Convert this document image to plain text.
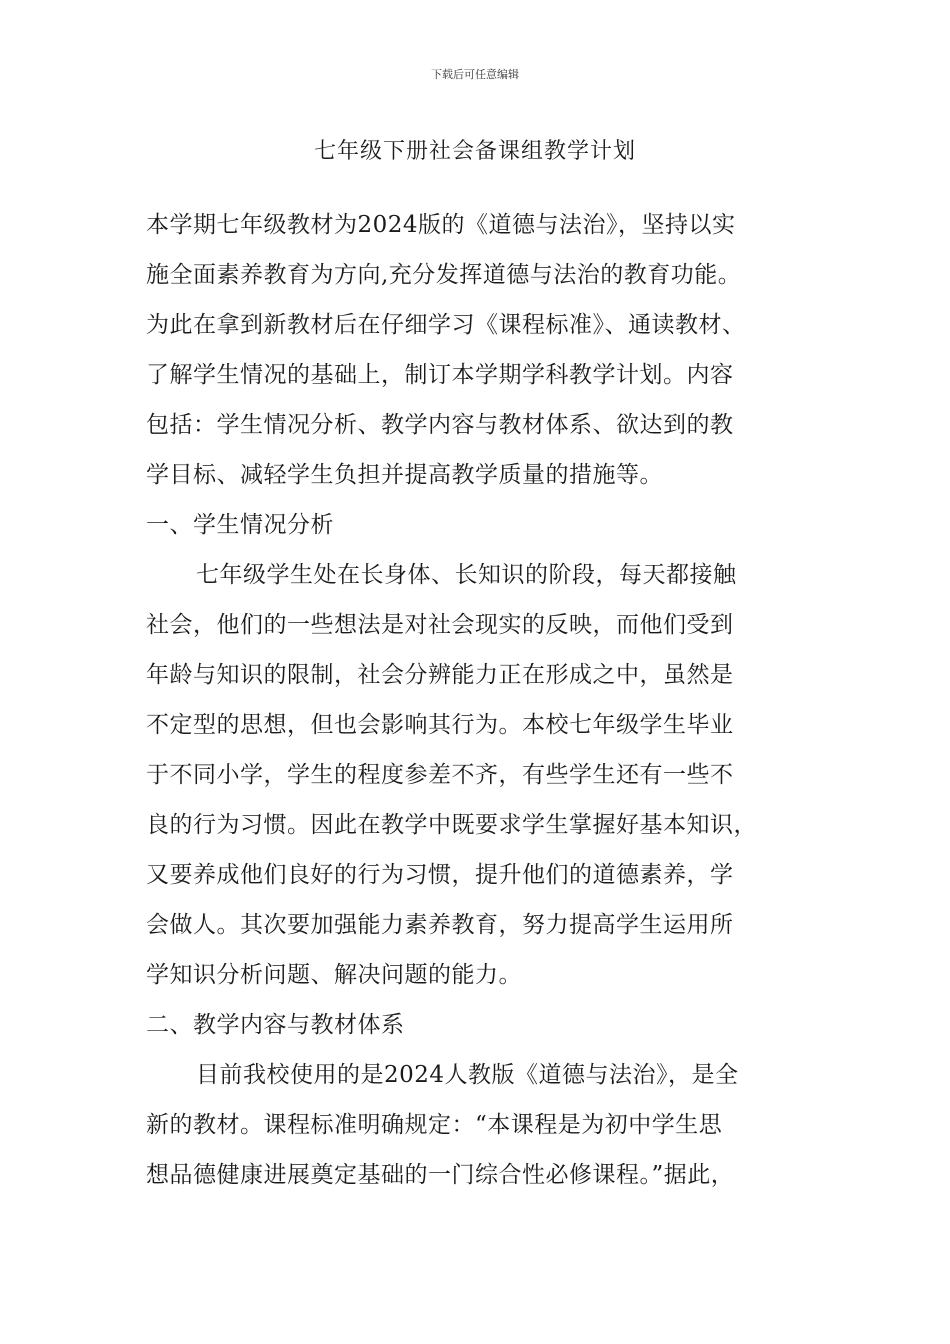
下载后可任意编辑
七年级下册社会备课组教学计划
本学期七年级教材为2024版的《道德与法治》，坚持以实
施全面素养教育为方向,充分发挥道德与法治的教育功能。
为此在拿到新教材后在仔细学习《课程标准》、通读教材、
了解学生情况的基础上，制订本学期学科教学计划。内容
包括：学生情况分析、教学内容与教材体系、欲达到的教
学目标、减轻学生负担并提高教学质量的措施等。
一、学生情况分析
七年级学生处在长身体、长知识的阶段，每天都接触
社会，他们的一些想法是对社会现实的反映，而他们受到
年龄与知识的限制，社会分辨能力正在形成之中，虽然是
不定型的思想，但也会影响其行为。本校七年级学生毕业
于不同小学，学生的程度参差不齐，有些学生还有一些不
良的行为习惯。因此在教学中既要求学生掌握好基本知识，
又要养成他们良好的行为习惯，提升他们的道德素养，学
会做人。其次要加强能力素养教育，努力提高学生运用所
学知识分析问题、解决问题的能力。
二、教学内容与教材体系
目前我校使用的是2024人教版《道德与法治》，是全
新的教材。课程标准明确规定：“本课程是为初中学生思
想品德健康进展奠定基础的一门综合性必修课程。”据此，
